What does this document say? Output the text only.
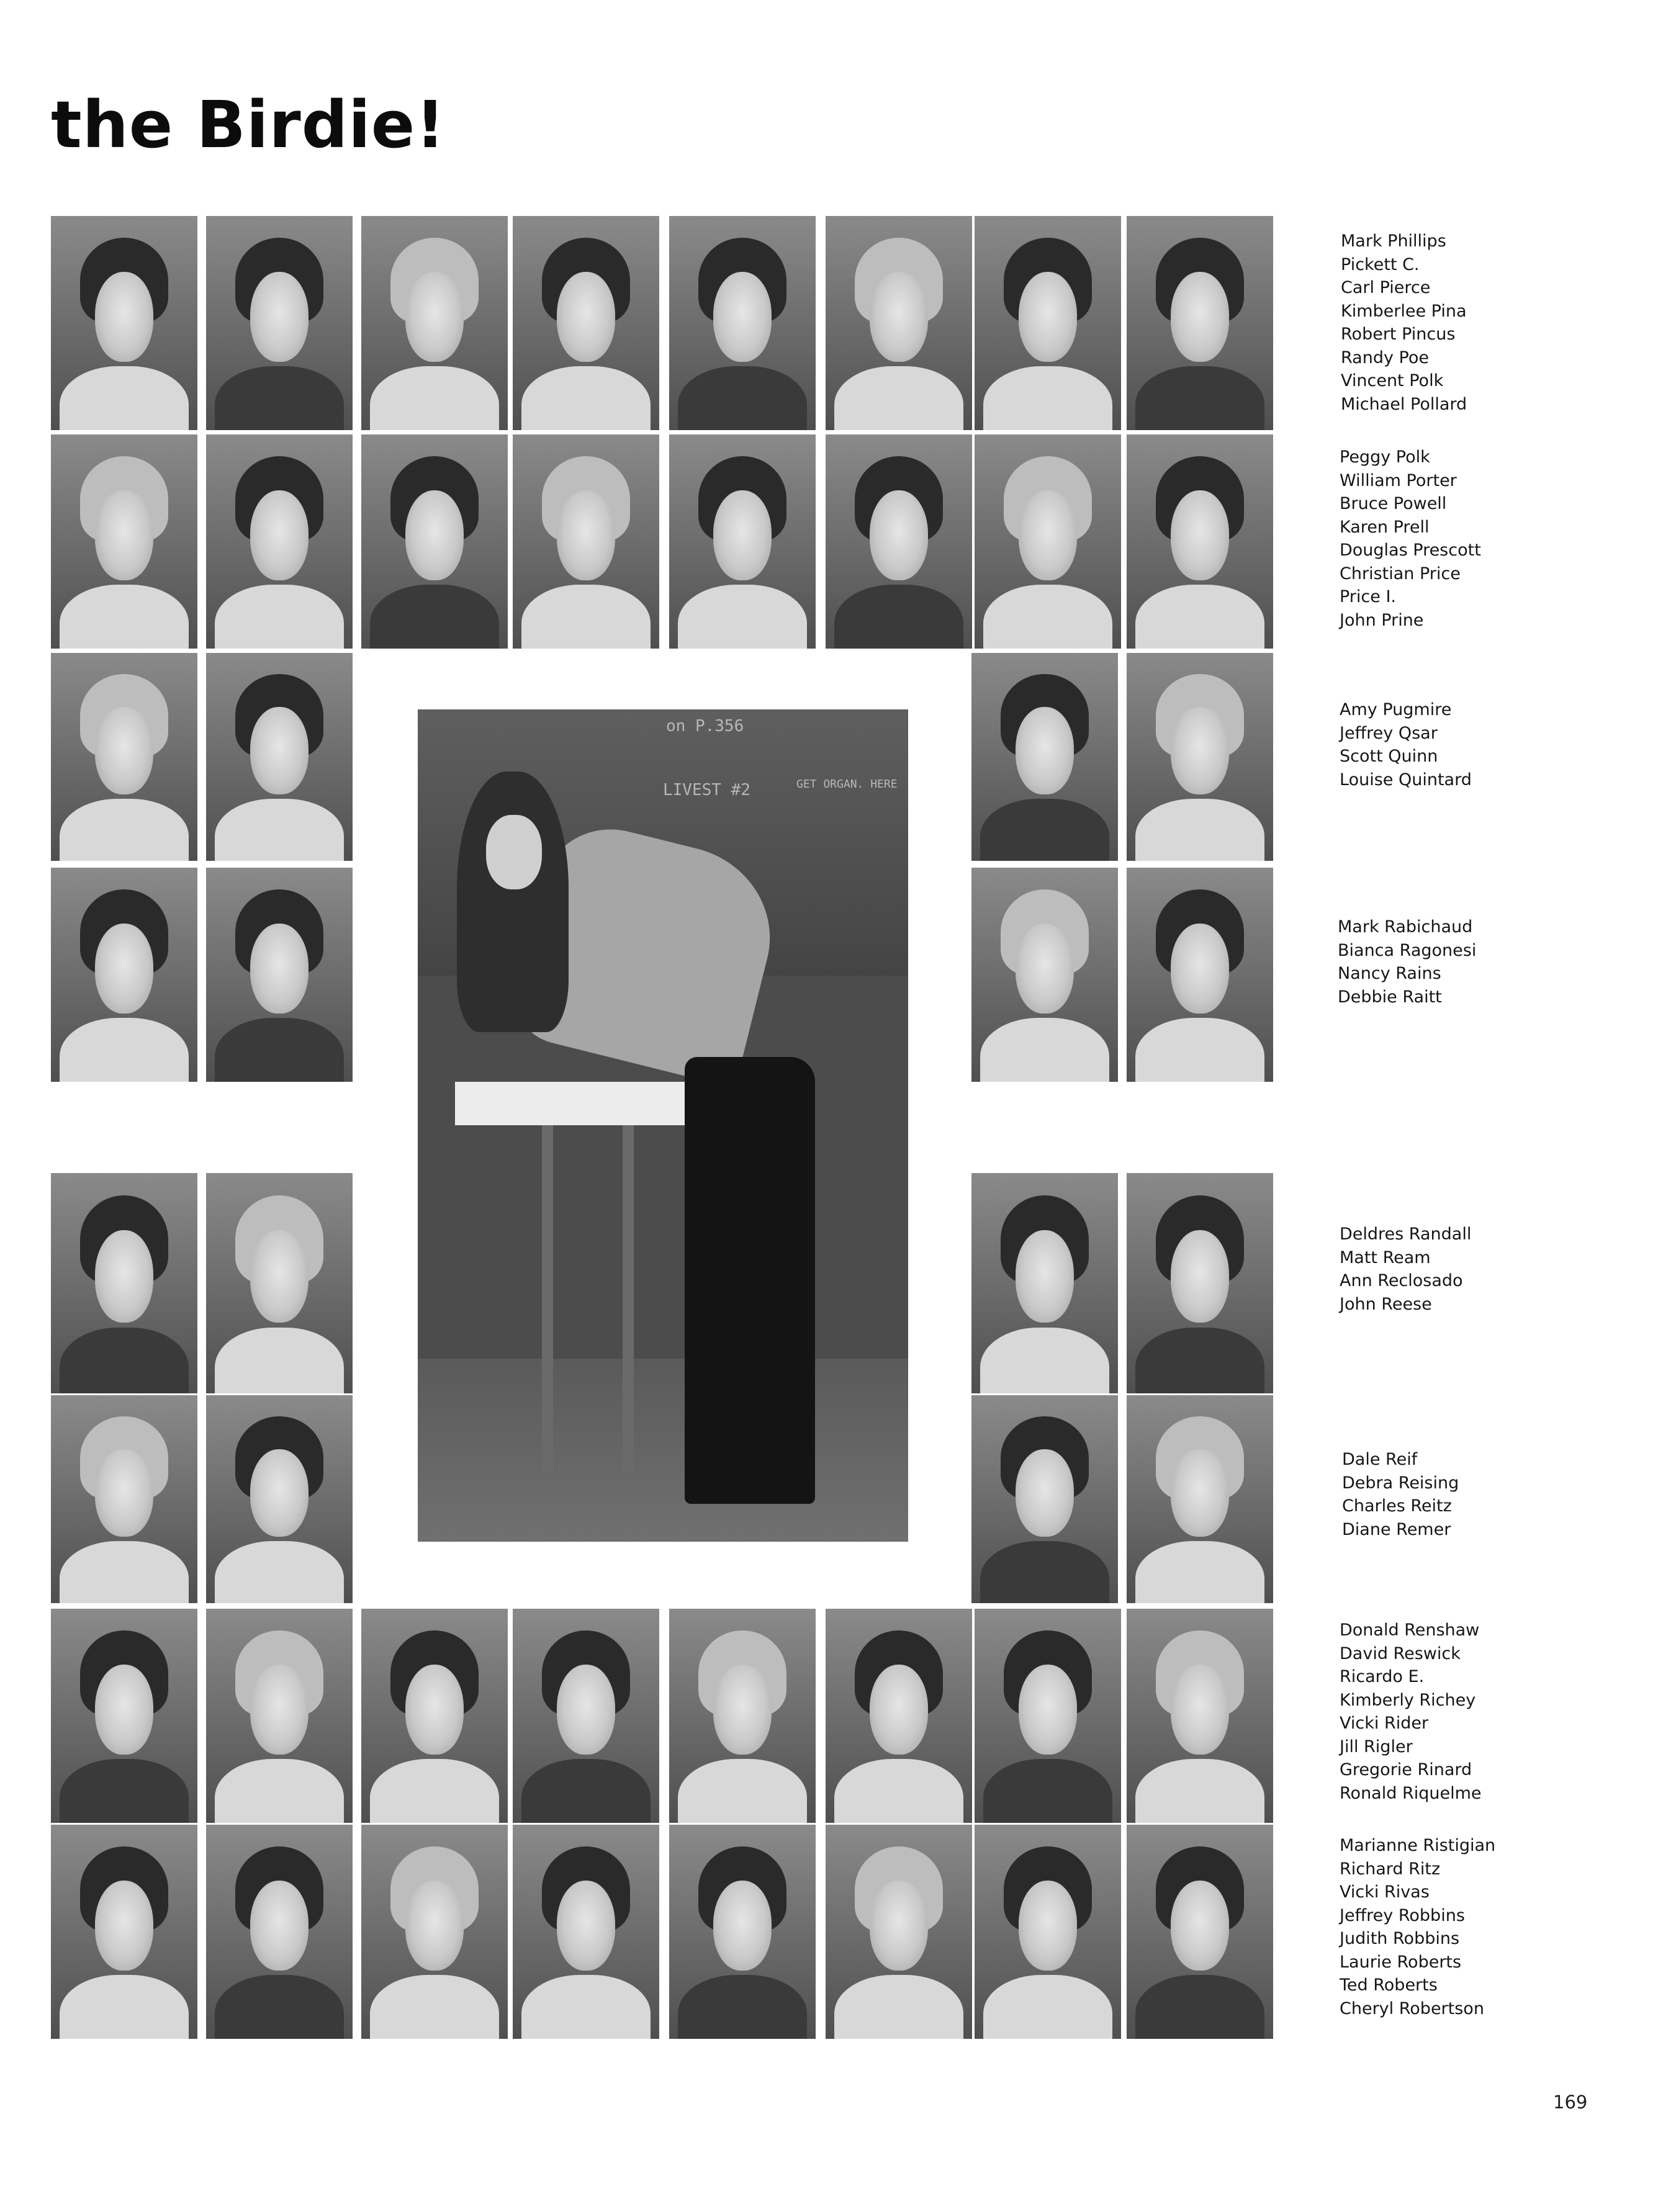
the Birdie!
on P.356
LIVEST #2	GET ORGAN. HERE
Mark Phillips
Pickett C.
Carl Pierce
Kimberlee Pina
Robert Pincus
Randy Poe
Vincent Polk
Michael Pollard
Peggy Polk
William Porter
Bruce Powell
Karen Prell
Douglas Prescott
Christian Price
Price I.
John Prine
Amy Pugmire
Jeffrey Qsar
Scott Quinn
Louise Quintard
Mark Rabichaud
Bianca Ragonesi
Nancy Rains
Debbie Raitt
Deldres Randall
Matt Ream
Ann Reclosado
John Reese
Dale Reif
Debra Reising
Charles Reitz
Diane Remer
Donald Renshaw
David Reswick
Ricardo E.
Kimberly Richey
Vicki Rider
Jill Rigler
Gregorie Rinard
Ronald Riquelme
Marianne Ristigian
Richard Ritz
Vicki Rivas
Jeffrey Robbins
Judith Robbins
Laurie Roberts
Ted Roberts
Cheryl Robertson
169
